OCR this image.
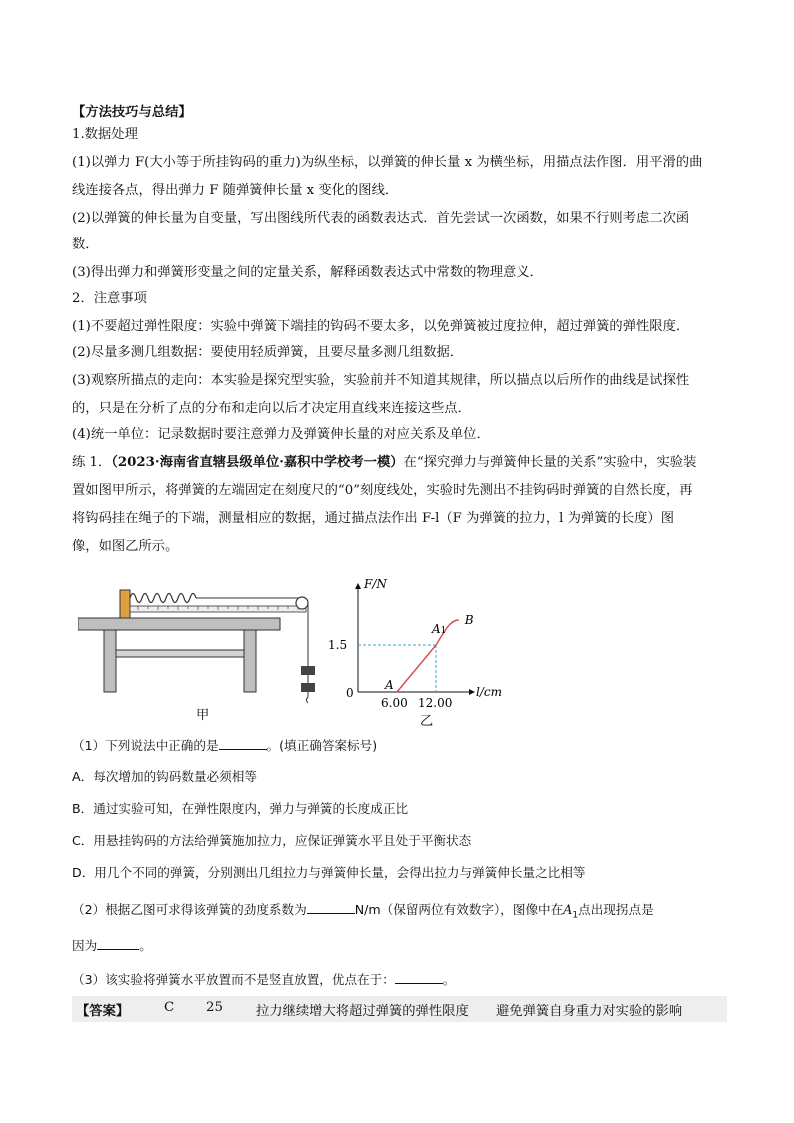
【方法技巧与总结】
1.数据处理
(1)以弹力 F(大小等于所挂钩码的重力)为纵坐标，以弹簧的伸长量 x 为横坐标，用描点法作图．用平滑的曲
线连接各点，得出弹力 F 随弹簧伸长量 x 变化的图线．
(2)以弹簧的伸长量为自变量，写出图线所代表的函数表达式．首先尝试一次函数，如果不行则考虑二次函
数．
(3)得出弹力和弹簧形变量之间的定量关系，解释函数表达式中常数的物理意义．
2．注意事项
(1)不要超过弹性限度：实验中弹簧下端挂的钩码不要太多，以免弹簧被过度拉伸，超过弹簧的弹性限度．
(2)尽量多测几组数据：要使用轻质弹簧，且要尽量多测几组数据．
(3)观察所描点的走向：本实验是探究型实验，实验前并不知道其规律，所以描点以后所作的曲线是试探性
的，只是在分析了点的分布和走向以后才决定用直线来连接这些点．
(4)统一单位：记录数据时要注意弹力及弹簧伸长量的对应关系及单位．
练 1．（2023·海南省直辖县级单位·嘉积中学校考一模）在“探究弹力与弹簧伸长量的关系”实验中，实验装
置如图甲所示，将弹簧的左端固定在刻度尺的“0”刻度线处，实验时先测出不挂钩码时弹簧的自然长度，再
将钩码挂在绳子的下端，测量相应的数据，通过描点法作出 F-l（F 为弹簧的拉力，l 为弹簧的长度）图
像，如图乙所示。
甲
F/N
l/cm
0
1.5
6.00 12.00
A
A1
B
乙
（1）下列说法中正确的是	。(填正确答案标号)
A．每次增加的钩码数量必须相等
B．通过实验可知，在弹性限度内，弹力与弹簧的长度成正比
C．用悬挂钩码的方法给弹簧施加拉力，应保证弹簧水平且处于平衡状态
D．用几个不同的弹簧，分别测出几组拉力与弹簧伸长量，会得出拉力与弹簧伸长量之比相等
（2）根据乙图可求得该弹簧的劲度系数为	N/m（保留两位有效数字），图像中在$A_1$点出现拐点是
因为	。
（3）该实验将弹簧水平放置而不是竖直放置，优点在于：	。
【答案】	C 25 拉力继续增大将超过弹簧的弹性限度 避免弹簧自身重力对实验的影响
